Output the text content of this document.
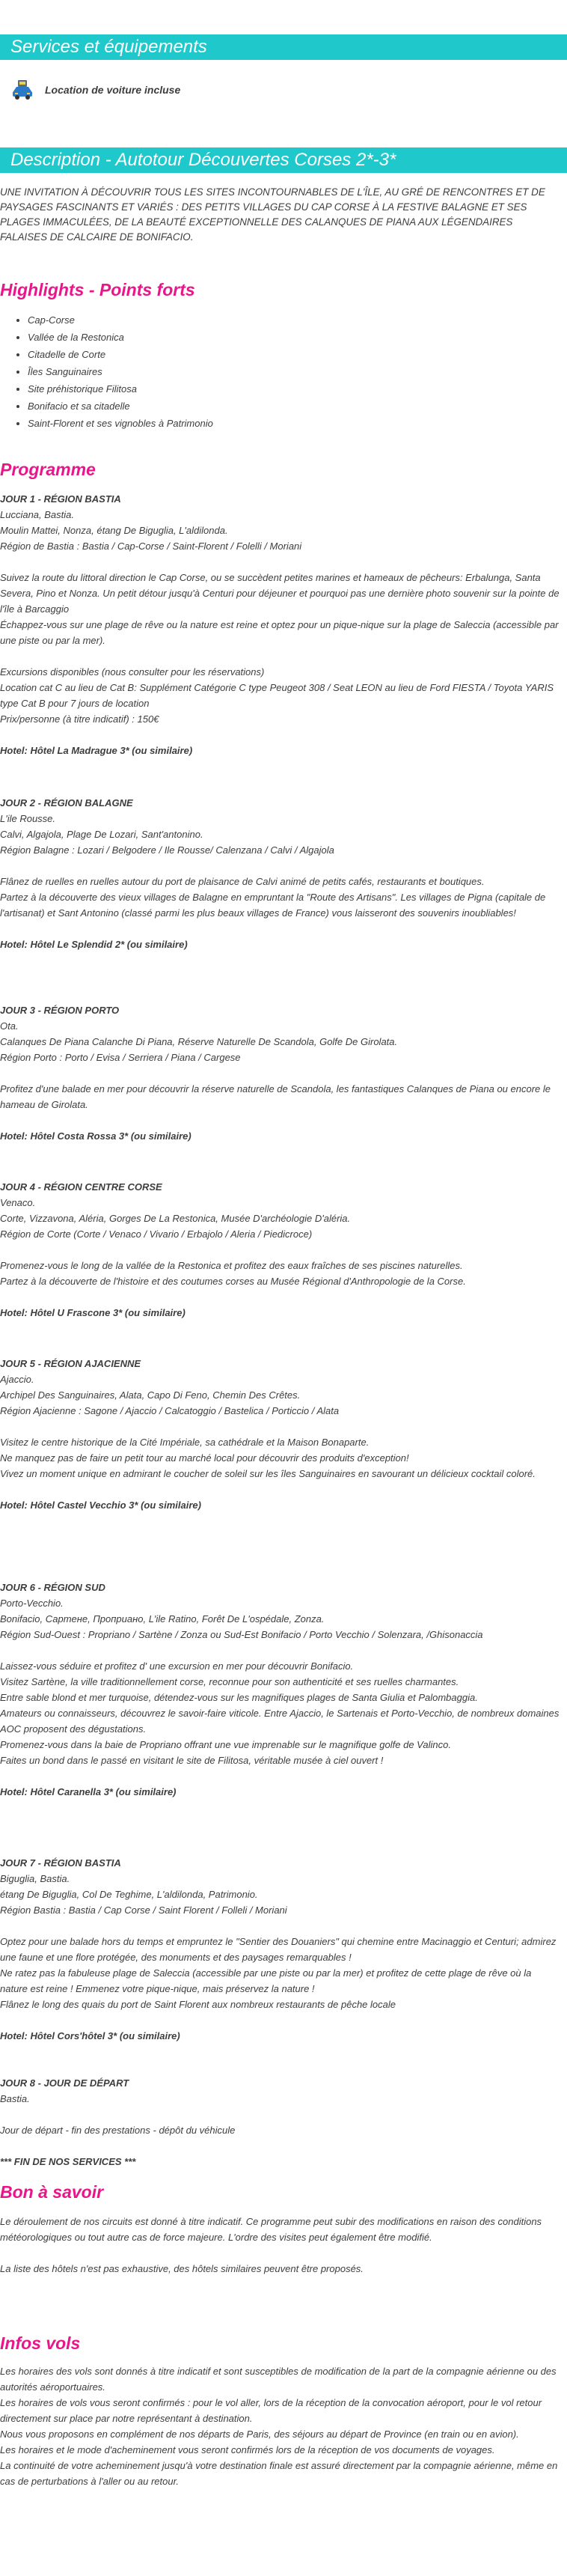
Services et équipements
Location de voiture incluse
Description - Autotour Découvertes Corses 2*-3*
UNE INVITATION À DÉCOUVRIR TOUS LES SITES INCONTOURNABLES DE L'ÎLE, AU GRÉ DE RENCONTRES ET DE PAYSAGES FASCINANTS ET VARIÉS : DES PETITS VILLAGES DU CAP CORSE À LA FESTIVE BALAGNE ET SES PLAGES IMMACULÉES, DE LA BEAUTÉ EXCEPTIONNELLE DES CALANQUES DE PIANA AUX LÉGENDAIRES FALAISES DE CALCAIRE DE BONIFACIO.
Highlights - Points forts
• Cap-Corse
• Vallée de la Restonica
• Citadelle de Corte
• Îles Sanguinaires
• Site préhistorique Filitosa
• Bonifacio et sa citadelle
• Saint-Florent et ses vignobles à Patrimonio
Programme

JOUR 1 - RÉGION BASTIA

Lucciana, Bastia.

Moulin Mattei, Nonza, étang De Biguglia, L'aldilonda.

Région de Bastia : Bastia / Cap-Corse / Saint-Florent / Folelli / Moriani

Suivez la route du littoral direction le Cap Corse, ou se succèdent petites marines et hameaux de pêcheurs: Erbalunga, Santa Severa, Pino et Nonza. Un petit détour jusqu'à Centuri pour déjeuner et pourquoi pas une dernière photo souvenir sur la pointe de l'île à Barcaggio

Échappez-vous sur une plage de rêve ou la nature est reine et optez pour un pique-nique sur la plage de Saleccia (accessible par une piste ou par la mer).

Excursions disponibles (nous consulter pour les réservations)

Location cat C au lieu de Cat B: Supplément Catégorie C type Peugeot 308 / Seat LEON au lieu de Ford FIESTA / Toyota YARIS type Cat B pour 7 jours de location

Prix/personne (à titre indicatif) : 150€

Hotel: Hôtel La Madrague 3* (ou similaire)

JOUR 2 - RÉGION BALAGNE

L'ile Rousse.

Calvi, Algajola, Plage De Lozari, Sant'antonino.

Région Balagne : Lozari / Belgodere / Ile Rousse/ Calenzana / Calvi / Algajola

Flânez de ruelles en ruelles autour du port de plaisance de Calvi animé de petits cafés, restaurants et boutiques.

Partez à la découverte des vieux villages de Balagne en empruntant la "Route des Artisans". Les villages de Pigna (capitale de l'artisanat) et Sant Antonino (classé parmi les plus beaux villages de France) vous laisseront des souvenirs inoubliables!

Hotel: Hôtel Le Splendid 2* (ou similaire)

JOUR 3 - RÉGION PORTO

Ota.

Calanques De Piana Calanche Di Piana, Réserve Naturelle De Scandola, Golfe De Girolata.

Région Porto : Porto / Evisa / Serriera / Piana / Cargese

Profitez d'une balade en mer pour découvrir la réserve naturelle de Scandola, les fantastiques Calanques de Piana ou encore le hameau de Girolata.

Hotel: Hôtel Costa Rossa 3* (ou similaire)

JOUR 4 - RÉGION CENTRE CORSE

Venaco.

Corte, Vizzavona, Aléria, Gorges De La Restonica, Musée D'archéologie D'aléria.

Région de Corte (Corte / Venaco / Vivario / Erbajolo / Aleria / Piedicroce)

Promenez-vous le long de la vallée de la Restonica et profitez des eaux fraîches de ses piscines naturelles.

Partez à la découverte de l'histoire et des coutumes corses au Musée Régional d'Anthropologie de la Corse.

Hotel: Hôtel U Frascone 3* (ou similaire)

JOUR 5 - RÉGION AJACIENNE

Ajaccio.

Archipel Des Sanguinaires, Alata, Capo Di Feno, Chemin Des Crêtes.

Région Ajacienne : Sagone / Ajaccio / Calcatoggio / Bastelica / Porticcio / Alata

Visitez le centre historique de la Cité Impériale, sa cathédrale et la Maison Bonaparte.

Ne manquez pas de faire un petit tour au marché local pour découvrir des produits d'exception!

Vivez un moment unique en admirant le coucher de soleil sur les îles Sanguinaires en savourant un délicieux cocktail coloré.

Hotel: Hôtel Castel Vecchio 3* (ou similaire)

JOUR 6 - RÉGION SUD

Porto-Vecchio.

Bonifacio, Сартене, Проприано, L'ile Ratino, Forêt De L'ospédale, Zonza.

Région Sud-Ouest : Propriano / Sartène / Zonza ou Sud-Est Bonifacio / Porto Vecchio / Solenzara, /Ghisonaccia

Laissez-vous séduire et profitez d' une excursion en mer pour découvrir Bonifacio.

Visitez Sartène, la ville traditionnellement corse, reconnue pour son authenticité et ses ruelles charmantes.

Entre sable blond et mer turquoise, détendez-vous sur les magnifiques plages de Santa Giulia et Palombaggia.

Amateurs ou connaisseurs, découvrez le savoir-faire viticole. Entre Ajaccio, le Sartenais et Porto-Vecchio, de nombreux domaines AOC proposent des dégustations.

Promenez-vous dans la baie de Propriano offrant une vue imprenable sur le magnifique golfe de Valinco.

Faites un bond dans le passé en visitant le site de Filitosa, véritable musée à ciel ouvert !

Hotel: Hôtel Caranella 3* (ou similaire)

JOUR 7 - RÉGION BASTIA

Biguglia, Bastia.

étang De Biguglia, Col De Teghime, L'aldilonda, Patrimonio.

Région Bastia : Bastia / Cap Corse / Saint Florent / Folleli / Moriani

Optez pour une balade hors du temps et empruntez le "Sentier des Douaniers" qui chemine entre Macinaggio et Centuri; admirez une faune et une flore protégée, des monuments et des paysages remarquables !

Ne ratez pas la fabuleuse plage de Saleccia (accessible par une piste ou par la mer) et profitez de cette plage de rêve où la nature est reine ! Emmenez votre pique-nique, mais préservez la nature !

Flânez le long des quais du port de Saint Florent aux nombreux restaurants de pêche locale

Hotel: Hôtel Cors'hôtel 3* (ou similaire)

JOUR 8 - JOUR DE DÉPART

Bastia.

Jour de départ - fin des prestations - dépôt du véhicule

*** FIN DE NOS SERVICES ***

Bon à savoir

Le déroulement de nos circuits est donné à titre indicatif. Ce programme peut subir des modifications en raison des conditions météorologiques ou tout autre cas de force majeure. L'ordre des visites peut également être modifié.

La liste des hôtels n'est pas exhaustive, des hôtels similaires peuvent être proposés.

Infos vols

Les horaires des vols sont donnés à titre indicatif et sont susceptibles de modification de la part de la compagnie aérienne ou des autorités aéroportuaires.

Les horaires de vols vous seront confirmés : pour le vol aller, lors de la réception de la convocation aéroport, pour le vol retour directement sur place par notre représentant à destination.

Nous vous proposons en complément de nos départs de Paris, des séjours au départ de Province (en train ou en avion).

Les horaires et le mode d'acheminement vous seront confirmés lors de la réception de vos documents de voyages.

La continuité de votre acheminement jusqu'à votre destination finale est assuré directement par la compagnie aérienne, même en cas de perturbations à l'aller ou au retour.
